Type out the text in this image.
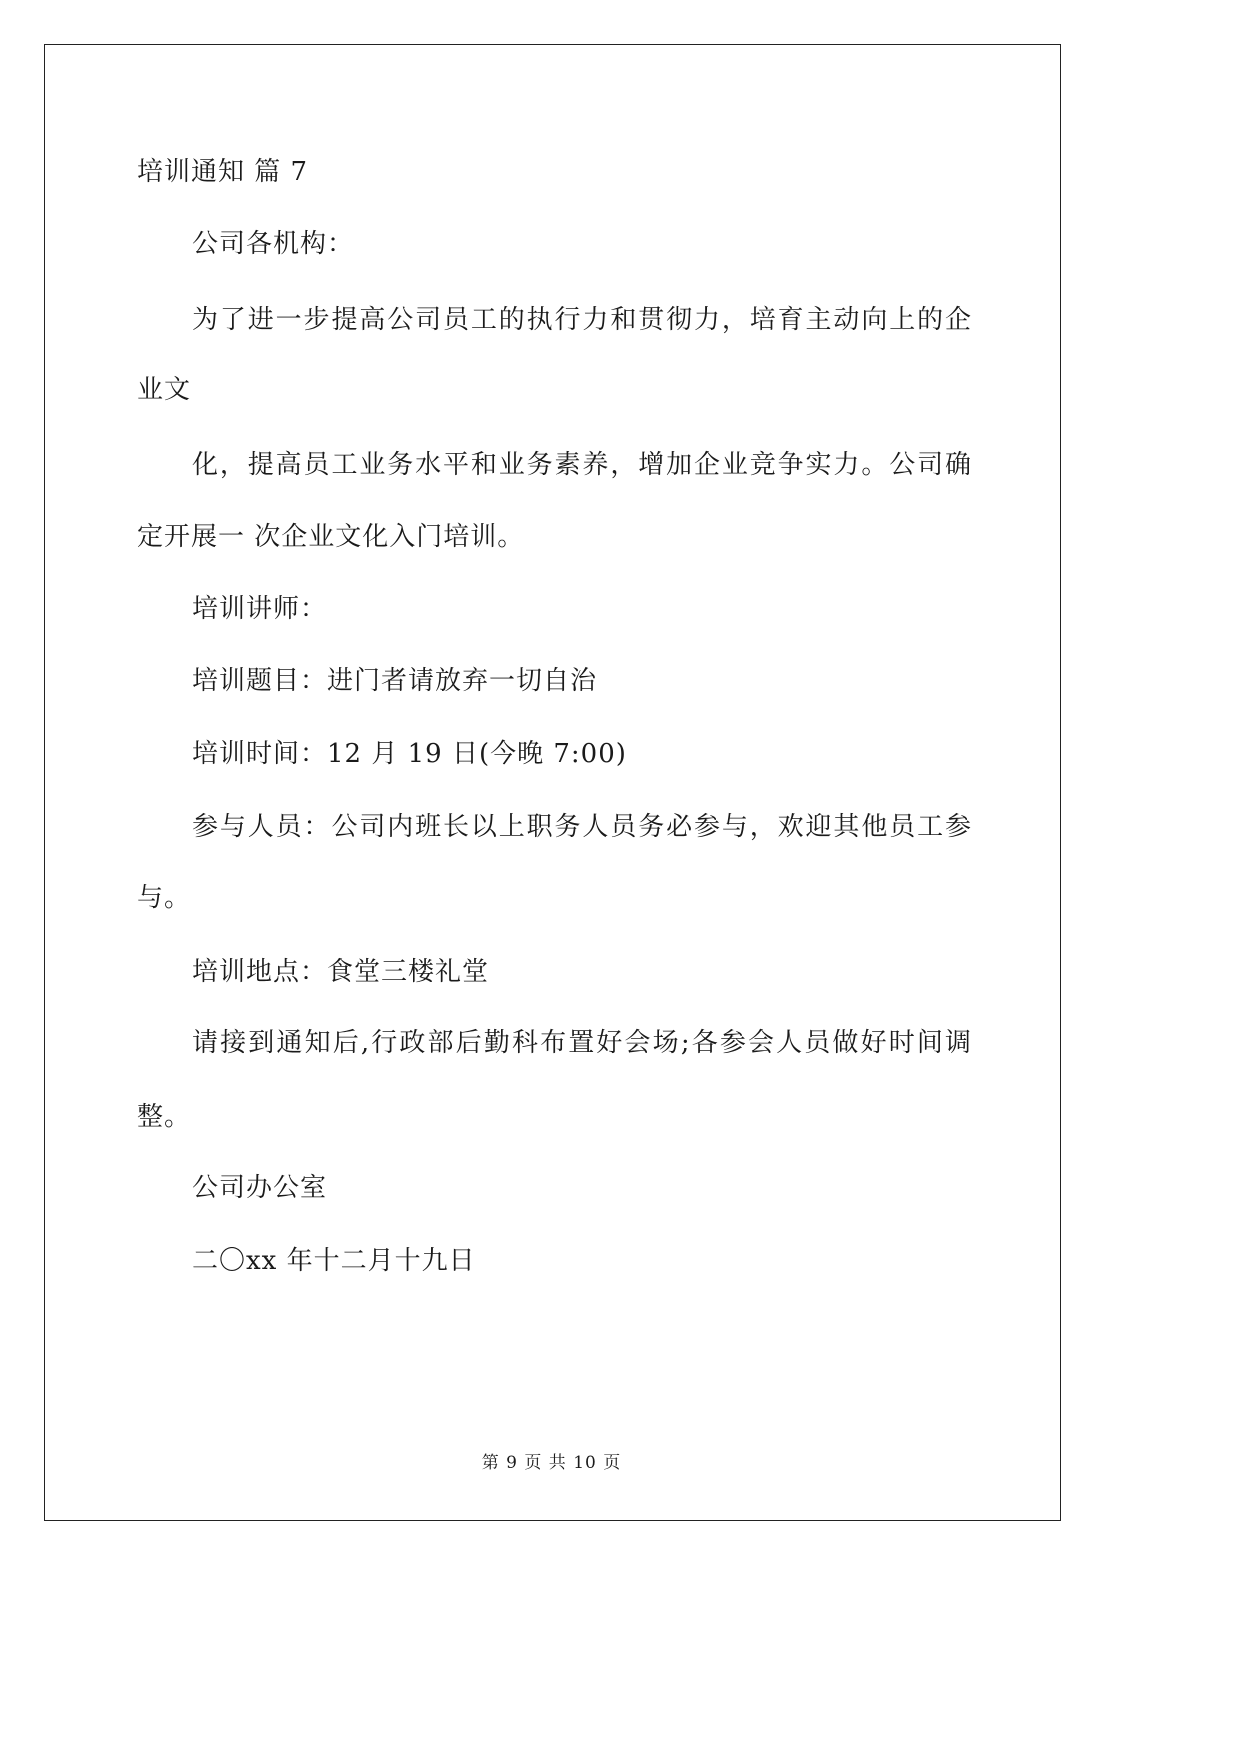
培训通知 篇 7
公司各机构：
为了进一步提高公司员工的执行力和贯彻力，培育主动向上的企
业文
化，提高员工业务水平和业务素养，增加企业竞争实力。公司确
定开展一 次企业文化入门培训。
培训讲师：
培训题目：进门者请放弃一切自治
培训时间：12 月 19 日(今晚 7:00)
参与人员：公司内班长以上职务人员务必参与，欢迎其他员工参
与。
培训地点：食堂三楼礼堂
请接到通知后,行政部后勤科布置好会场;各参会人员做好时间调
整。
公司办公室
二〇xx 年十二月十九日
第 9 页 共 10 页
